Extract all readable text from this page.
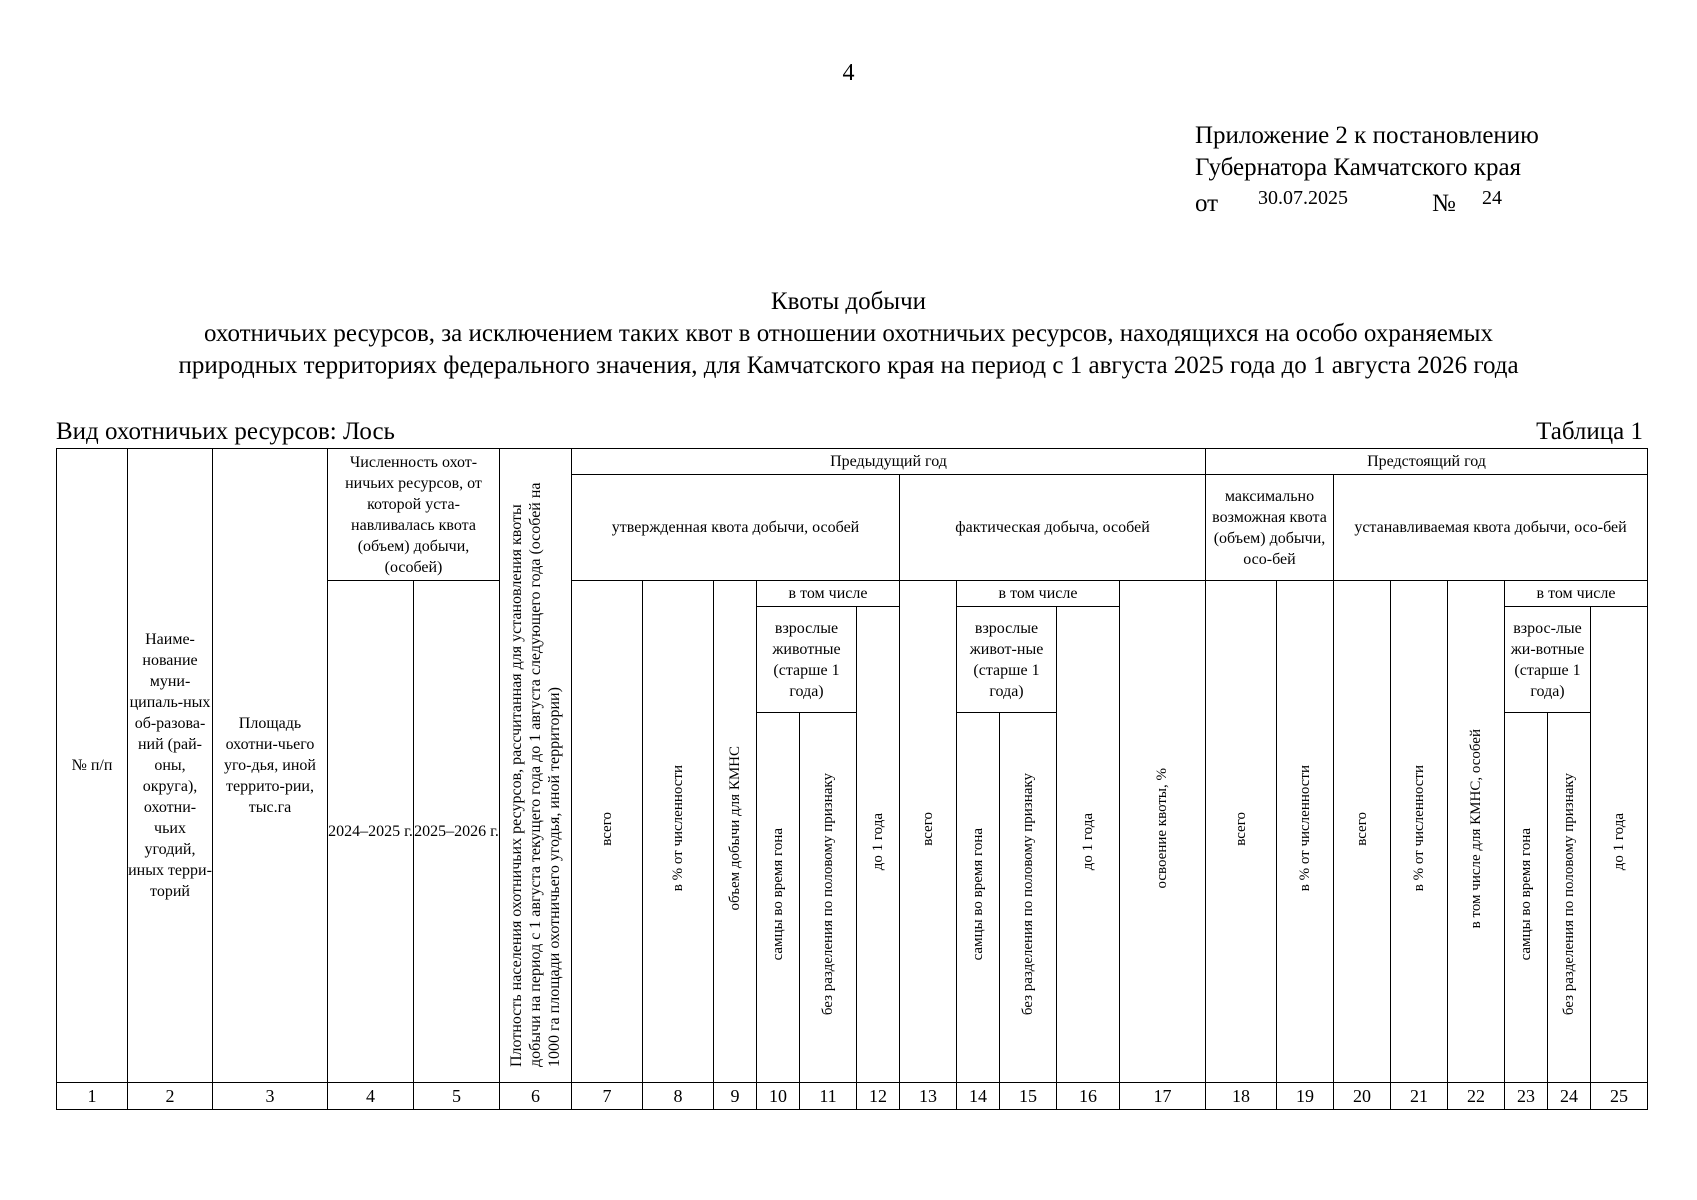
4
Приложение 2 к постановлению
Губернатора Камчатского края
от 30.07.2025	№ 24
Квоты добычи
охотничьих ресурсов, за исключением таких квот в отношении охотничьих ресурсов, находящихся на особо охраняемых
природных территориях федерального значения, для Камчатского края на период с 1 августа 2025 года до 1 августа 2026 года
Вид охотничьих ресурсов: Лось	Таблица 1
№ п/п	Наиме-нование муни-ципаль-ных об-разова-ний (рай-оны, округа), охотни-чьих угодий, иных терри-торий	Площадь охотни-чьего уго-дья, иной террито-рии, тыс.га	Численность охот-ничьих ресурсов, от которой уста-навливалась квота (объем) добычи, (особей)		Плотность населения охотничьих ресурсов, рассчитанная для установления квоты добычи на период с 1 августа текущего года до 1 августа следующего года (особей на 1000 га площади охотничьего угодья, иной территории)	Предыдущий год											Предстоящий год							
						утвержденная квота добычи, особей						фактическая добыча, особей					максимально возможная квота (объем) добычи, осо-бей		устанавливаемая квота добычи, осо-бей					
			2024–2025 г.	2025–2026 г.		всего	в % от численности	объем добычи для КМНС	в том числе			всего	в том числе			освоение квоты, %	всего	в % от численности	всего	в % от численности	в том числе для КМНС, особей	в том числе		
									взрослые животные (старше 1 года)		до 1 года		взрослые живот-ные (старше 1 года)		до 1 года							взрос-лые жи-вотные (старше 1 года)		до 1 года
									самцы во время гона	без разделения по половому признаку			самцы во время гона	без разделения по половому признаку								самцы во время гона	без разделения по половому признаку	
1	2	3	4	5	6	7	8	9	10	11	12	13	14	15	16	17	18	19	20	21	22	23	24	25
